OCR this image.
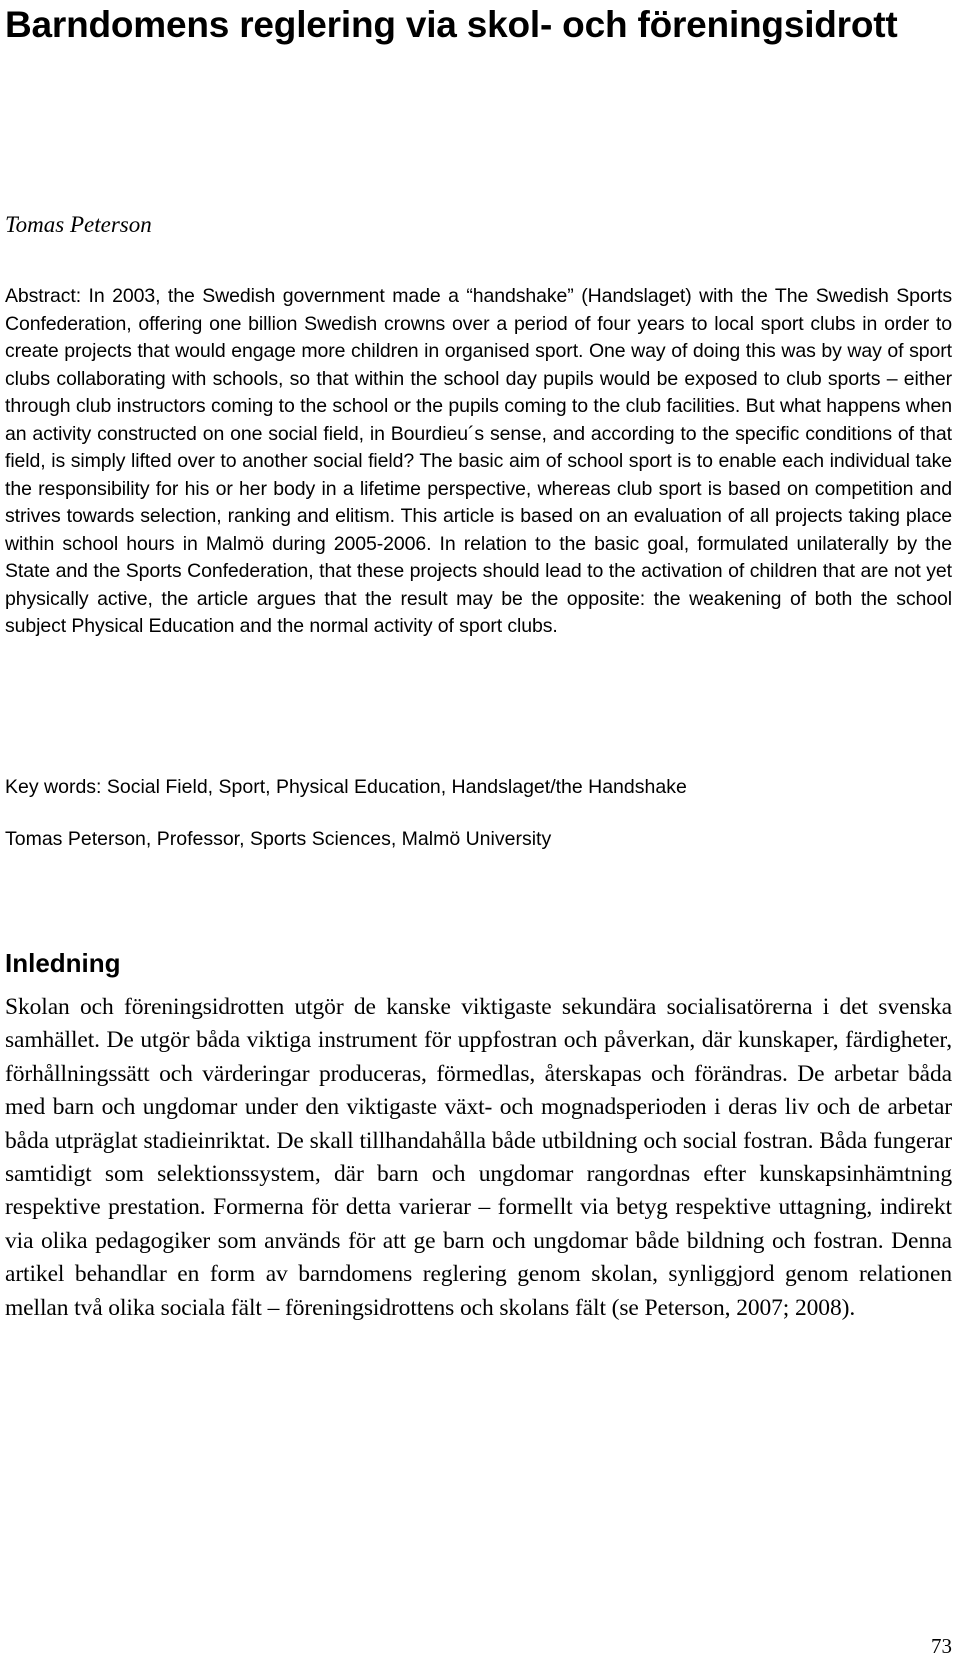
Barndomens reglering via skol- och föreningsidrott
Tomas Peterson

Abstract: In 2003, the Swedish government made a “handshake” (Handslaget) with the The Swedish Sports Confederation, offering one billion Swedish crowns over a period of four years to local sport clubs in order to create projects that would engage more children in organised sport. One way of doing this was by way of sport clubs collaborating with schools, so that within the school day pupils would be exposed to club sports – either through club instructors coming to the school or the pupils coming to the club facilities. But what happens when an activity constructed on one social field, in Bourdieu´s sense, and according to the specific conditions of that field, is simply lifted over to another social field? The basic aim of school sport is to enable each individual take the responsibility for his or her body in a lifetime perspective, whereas club sport is based on competition and strives towards selection, ranking and elitism. This article is based on an evaluation of all projects taking place within school hours in Malmö during 2005-2006. In relation to the basic goal, formulated unilaterally by the State and the Sports Confederation, that these projects should lead to the activation of children that are not yet physically active, the article argues that the result may be the opposite: the weakening of both the school subject Physical Education and the normal activity of sport clubs.

Key words: Social Field, Sport, Physical Education, Handslaget/the Handshake
Tomas Peterson, Professor, Sports Sciences, Malmö University
Inledning

Skolan och föreningsidrotten utgör de kanske viktigaste sekundära socialisatörerna i det svenska samhället. De utgör båda viktiga instrument för uppfostran och påverkan, där kunskaper, färdigheter, förhållningssätt och värderingar produceras, förmedlas, återskapas och förändras. De arbetar båda med barn och ungdomar under den viktigaste växt- och mognadsperioden i deras liv och de arbetar båda utpräglat stadieinriktat. De skall tillhandahålla både utbildning och social fostran. Båda fungerar samtidigt som selektionssystem, där barn och ungdomar rangordnas efter kunskapsinhämtning respektive prestation. Formerna för detta varierar – formellt via betyg respektive uttagning, indirekt via olika pedagogiker som används för att ge barn och ungdomar både bildning och fostran. Denna artikel behandlar en form av barndomens reglering genom skolan, synliggjord genom relationen mellan två olika sociala fält – föreningsidrottens och skolans fält (se Peterson, 2007; 2008).

73
